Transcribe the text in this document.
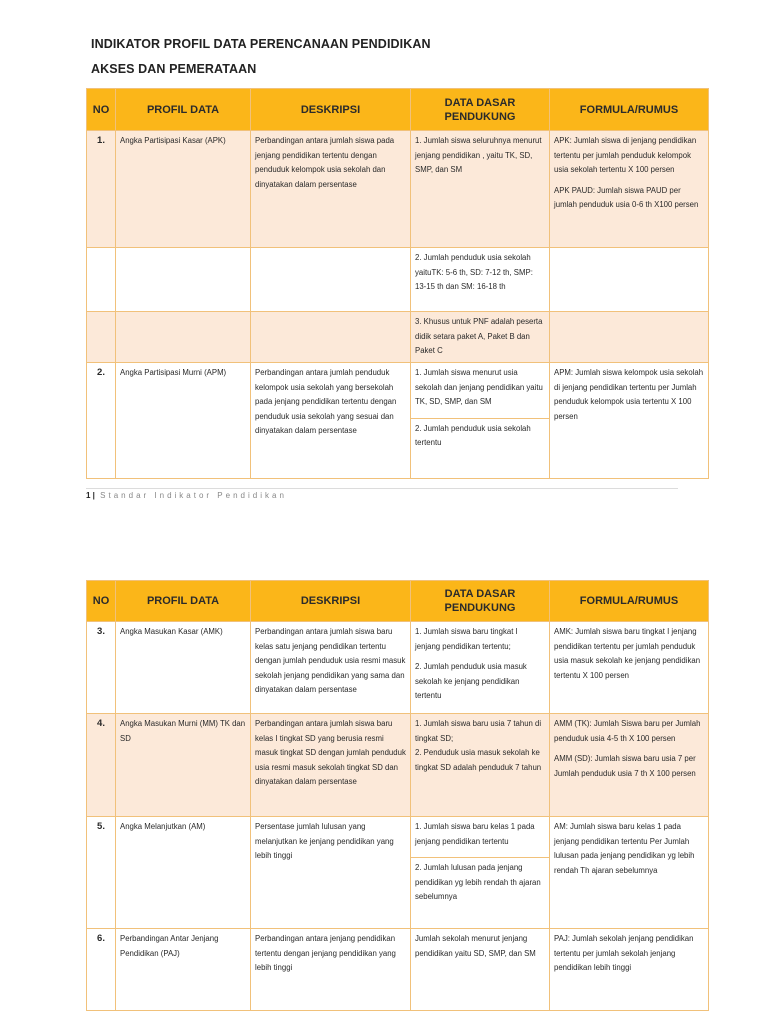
INDIKATOR PROFIL DATA PERENCANAAN PENDIDIKAN
AKSES DAN PEMERATAAN
NO	PROFIL DATA	DESKRIPSI	DATA DASAR PENDUKUNG	FORMULA/RUMUS
1.	Angka Partisipasi Kasar (APK)	Perbandingan antara jumlah siswa pada jenjang pendidikan tertentu dengan penduduk kelompok usia sekolah dan dinyatakan dalam persentase	1. Jumlah siswa seluruhnya menurut jenjang pendidikan , yaitu TK, SD, SMP, dan SM	APK: Jumlah siswa di jenjang pendidikan tertentu per jumlah penduduk kelompok usia sekolah tertentu X 100 persen
APK PAUD: Jumlah siswa PAUD per jumlah penduduk usia 0-6 th X100 persen

			2. Jumlah penduduk usia sekolah yaituTK: 5-6 th, SD: 7-12 th, SMP: 13-15 th dan SM: 16-18 th	
			3. Khusus untuk PNF adalah peserta didik setara paket A, Paket B dan Paket C	
2.	Angka Partisipasi Murni (APM)	Perbandingan antara jumlah penduduk kelompok usia sekolah yang bersekolah pada jenjang pendidikan tertentu dengan penduduk usia sekolah yang sesuai dan dinyatakan dalam persentase	1. Jumlah siswa menurut usia sekolah dan jenjang pendidikan yaitu TK, SD, SMP, dan SM
2. Jumlah penduduk usia sekolah tertentu	APM: Jumlah siswa kelompok usia sekolah di jenjang pendidikan tertentu per Jumlah penduduk kelompok usia tertentu X 100 persen
1 | Standar Indikator Pendidikan
NO	PROFIL DATA	DESKRIPSI	DATA DASAR PENDUKUNG	FORMULA/RUMUS
3.	Angka Masukan Kasar (AMK)	Perbandingan antara jumlah siswa baru kelas satu jenjang pendidikan tertentu dengan jumlah penduduk usia resmi masuk sekolah jenjang pendidikan yang sama dan dinyatakan dalam persentase	1. Jumlah siswa baru tingkat I jenjang pendidikan tertentu;
2. Jumlah penduduk usia masuk sekolah ke jenjang pendidikan tertentu	AMK: Jumlah siswa baru tingkat I jenjang pendidikan tertentu per jumlah penduduk usia masuk sekolah ke jenjang pendidikan tertentu X 100 persen
4.	Angka Masukan Murni (MM) TK dan SD	Perbandingan antara jumlah siswa baru kelas I tingkat SD yang berusia resmi masuk tingkat SD dengan jumlah penduduk usia resmi masuk sekolah tingkat SD dan dinyatakan dalam persentase	1. Jumlah siswa baru usia 7 tahun di tingkat SD;
2. Penduduk usia masuk sekolah ke tingkat SD adalah penduduk 7 tahun	AMM (TK): Jumlah Siswa baru per Jumlah penduduk usia 4-5 th X 100 persen
AMM (SD): Jumlah siswa baru usia 7 per Jumlah penduduk usia 7 th X 100 persen

5.	Angka Melanjutkan (AM)	Persentase jumlah lulusan yang melanjutkan ke jenjang pendidikan yang lebih tinggi	1. Jumlah siswa baru kelas 1 pada jenjang pendidikan tertentu
2. Jumlah lulusan pada jenjang pendidikan yg lebih rendah th ajaran sebelumnya	AM: Jumlah siswa baru kelas 1 pada jenjang pendidikan tertentu Per Jumlah lulusan pada jenjang pendidikan yg lebih rendah Th ajaran sebelumnya
6.	Perbandingan Antar Jenjang Pendidikan (PAJ)	Perbandingan antara jenjang pendidikan tertentu dengan jenjang pendidikan yang lebih tinggi	Jumlah sekolah menurut jenjang pendidikan yaitu SD, SMP, dan SM	PAJ: Jumlah sekolah jenjang pendidikan tertentu per jumlah sekolah jenjang pendidikan lebih tinggi
